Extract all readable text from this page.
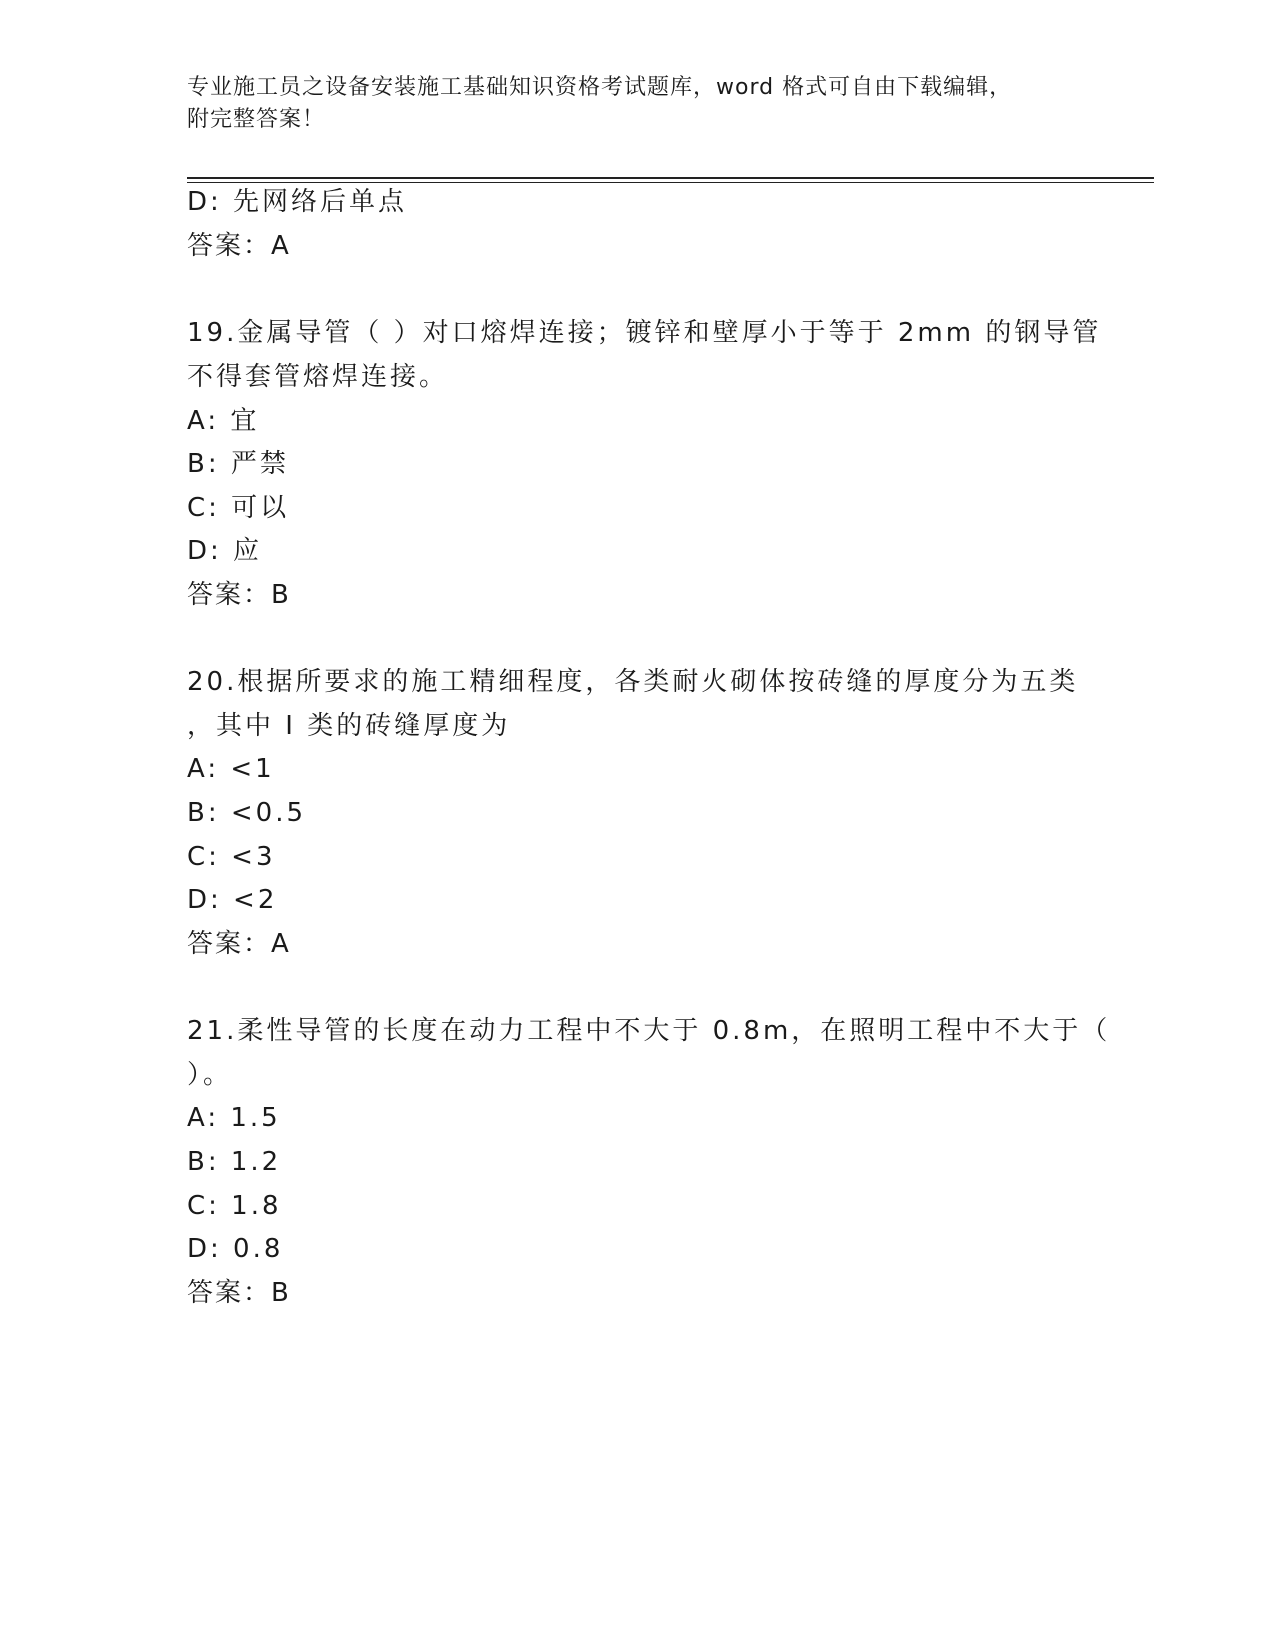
专业施工员之设备安装施工基础知识资格考试题库，word 格式可自由下载编辑，
附完整答案！
D: 先网络后单点
答案：A
19.金属导管（ ）对口熔焊连接；镀锌和壁厚小于等于 2mm 的钢导管
不得套管熔焊连接。
A: 宜
B: 严禁
C: 可以
D: 应
答案：B
20.根据所要求的施工精细程度，各类耐火砌体按砖缝的厚度分为五类
，其中 I 类的砖缝厚度为
A: <1
B: <0.5
C: <3
D: <2
答案：A
21.柔性导管的长度在动力工程中不大于 0.8m，在照明工程中不大于（
）。
A: 1.5
B: 1.2
C: 1.8
D: 0.8
答案：B
